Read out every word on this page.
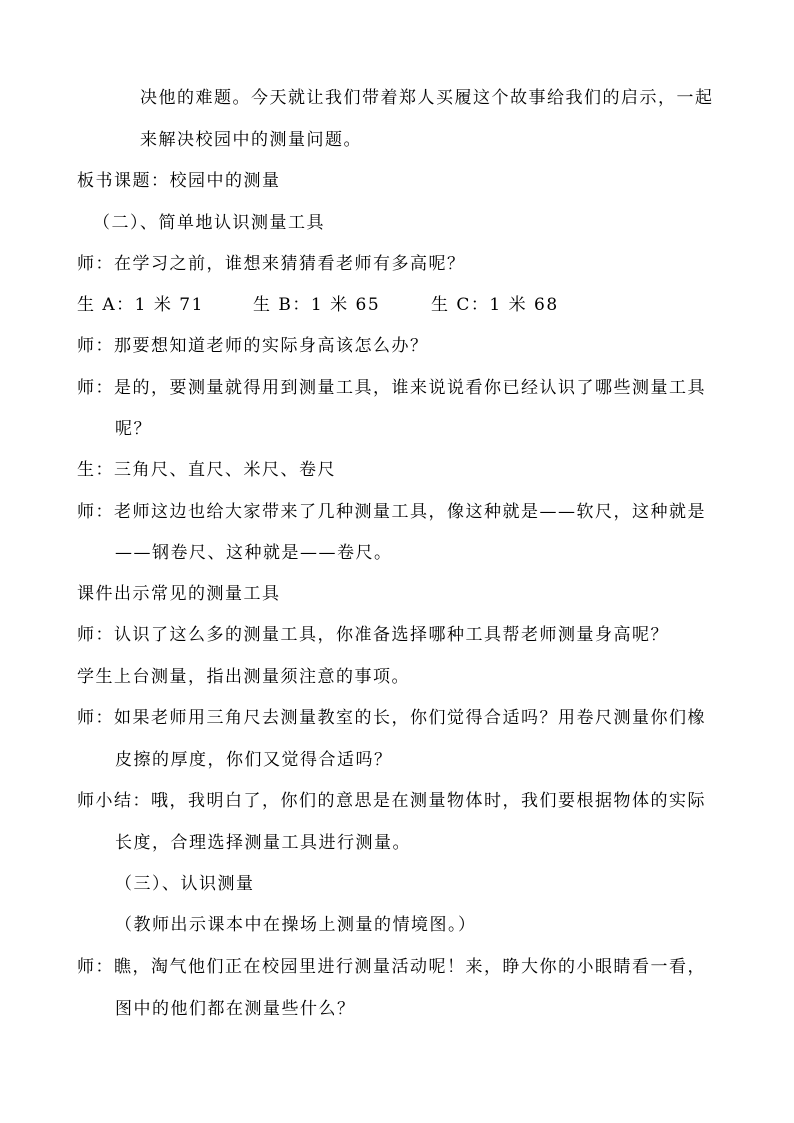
决他的难题。今天就让我们带着郑人买履这个故事给我们的启示，一起
来解决校园中的测量问题。
板书课题：校园中的测量
（二）、简单地认识测量工具
师：在学习之前，谁想来猜猜看老师有多高呢？
生 A：1 米 71	生 B：1 米 65	生 C：1 米 68
师：那要想知道老师的实际身高该怎么办？
师：是的，要测量就得用到测量工具，谁来说说看你已经认识了哪些测量工具
呢？
生：三角尺、直尺、米尺、卷尺
师：老师这边也给大家带来了几种测量工具，像这种就是——软尺，这种就是
——钢卷尺、这种就是——卷尺。
课件出示常见的测量工具
师：认识了这么多的测量工具，你准备选择哪种工具帮老师测量身高呢？
学生上台测量，指出测量须注意的事项。
师：如果老师用三角尺去测量教室的长，你们觉得合适吗？用卷尺测量你们橡
皮擦的厚度，你们又觉得合适吗？
师小结：哦，我明白了，你们的意思是在测量物体时，我们要根据物体的实际
长度，合理选择测量工具进行测量。
（三）、认识测量
（教师出示课本中在操场上测量的情境图。）
师：瞧，淘气他们正在校园里进行测量活动呢！来，睁大你的小眼睛看一看，
图中的他们都在测量些什么？
